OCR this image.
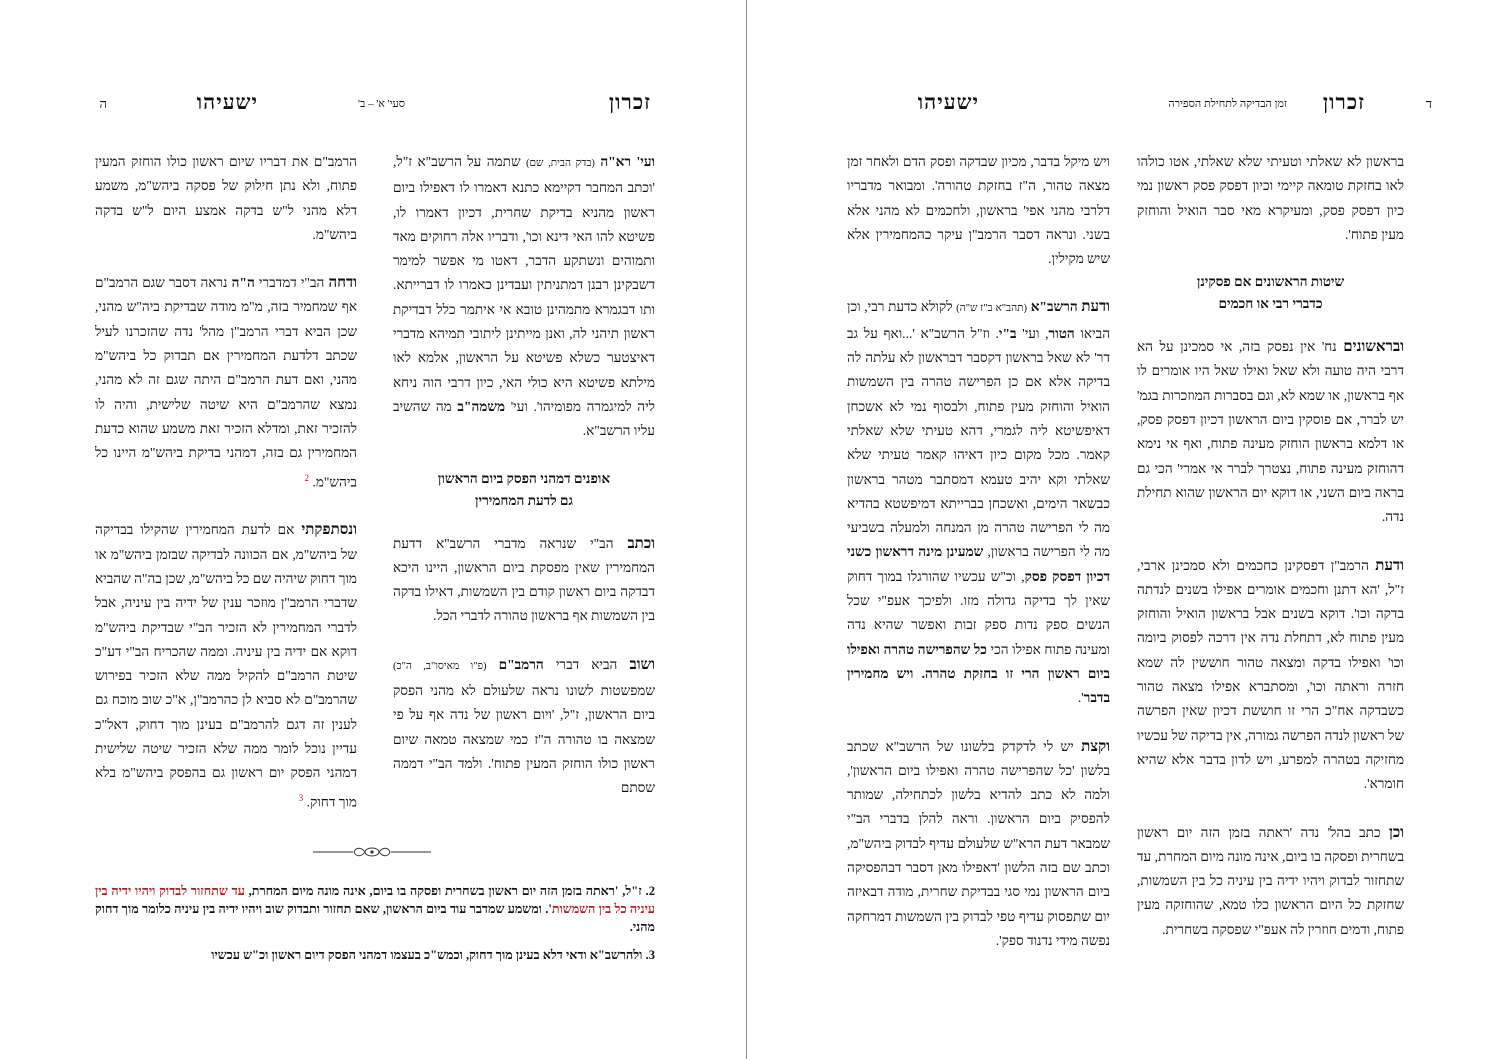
ה	ישעיהו	סעי' א' – ב'	זכרון

ועי' רא"ה (בדק הבית, שם) שתמה על הרשב"א ז"ל, 'וכתב המחבר דקיימא כתנא דאמרו לו דאפילו ביום ראשון מהניא בדיקת שחרית, דכיון דאמרו לו, פשיטא להו האי דינא וכו', ודבריו אלה רחוקים מאד ותמוהים ונשתקע הדבר, דאטו מי אפשר למימר דשבקינן רבנן דמתניתין ועבדינן כאמרו לו דברייתא. ותו דבגמרא מתמהינן טובא אי איתמר כלל דבדיקת ראשון תיהני לה, ואנן מייתינן ליתובי תמיהא מדברי דאיצטער כשלא פשיטא על הראשון, אלמא לאו מילתא פשיטא היא כולי האי, כיון דרבי הוה ניחא ליה למיגמרה מפומיהו'. ועי' משמה"ב מה שהשיב עליו הרשב"א.

אופנים דמהני הפסק ביום הראשון
גם לדעת המחמירין

וכתב הב"י שנראה מדברי הרשב"א דדעת המחמירין שאין מפסקת ביום הראשון, היינו היכא דבדקה ביום ראשון קודם בין השמשות, דאילו בדקה בין השמשות אף בראשון טהורה לדברי הכל.

ושוב הביא דברי הרמב"ם (פ"ו מאיסו"ב, ה"כ) שמפשטות לשונו נראה שלעולם לא מהני הפסק ביום הראשון, ז"ל, 'ויום ראשון של נדה אף על פי שמצאה בו טהורה ה"ז כמי שמצאה טמאה שיום ראשון כולו הוחזק המעין פתוח'. ולמד הב"י דממה שסתם

הרמב"ם את דבריו שיום ראשון כולו הוחזק המעין פתוח, ולא נתן חילוק של פסקה ביהש"מ, משמע דלא מהני ל"ש בדקה אמצע היום ל"ש בדקה ביהש"מ.

ודחה הב"י דמדברי ה"ה נראה דסבר שגם הרמב"ם אף שמחמיר בזה, מ"מ מודה שבדיקת ביה"ש מהני, שכן הביא דברי הרמב"ן מהל' נדה שהזכרנו לעיל שכתב דלדעת המחמירין אם תבדוק כל ביהש"מ מהני, ואם דעת הרמב"ם היתה שגם זה לא מהני, נמצא שהרמב"ם היא שיטה שלישית, והיה לו להזכיר זאת, ומדלא הזכיר זאת משמע שהוא כדעת המחמירין גם בזה, דמהני בדיקת ביהש"מ היינו כל ביהש"מ. $^2$

ונסתפקתי אם לדעת המחמירין שהקילו בבדיקה של ביהש"מ, אם הכוונה לבדיקה שבזמן ביהש"מ או מוך דחוק שיהיה שם כל ביהש"מ, שכן בה"ה שהביא שדברי הרמב"ן מוזכר ענין של ידיה בין עיניה, אבל לדברי המחמירין לא הזכיר הב"י שבדיקת ביהש"מ דוקא אם ידיה בין עיניה. וממה שהכריח הב"י דע"כ שיטת הרמב"ם להקיל ממה שלא הזכיר בפירוש שהרמב"ם לא סביא לן כהרמב"ן, א"כ שוב מוכח גם לענין זה דגם להרמב"ם בעינן מוך דחוק, דאל"כ עדיין נוכל לומר ממה שלא הזכיר שיטה שלישית דמהני הפסק יום ראשון גם בהפסק ביהש"מ בלא מוך דחוק. $^3$

2. ז"ל, 'ראתה בזמן הזה יום ראשון בשחרית ופסקה בו ביום, אינה מונה מיום המחרת, עד שתחזור לבדוק ויהיו ידיה בין עיניה כל בין השמשות'. ומשמע שמדבר עוד ביום הראשון, שאם תחזור ותבדוק שוב ויהיו ידיה בין עיניה כלומר מוך דחוק מהני.

3. ולהרשב"א ודאי דלא בעינן מוך דחוק, וכמש"כ בעצמו דמהני הפסק דיום ראשון וכ"ש עכשיו

ד
זכרון
זמן הבדיקה לתחילת הספירה
ישעיהו

בראשון לא שאלתי וטעיתי שלא שאלתי, אטו כולהו לאו בחזקת טומאה קיימי וכיון דפסק פסק ראשון נמי כיון דפסק פסק, ומעיקרא מאי סבר הואיל והוחזק מעין פתוח'.

שיטות הראשונים אם פסקינן
כדברי רבי או חכמים

ובראשונים נח' אין נפסק בזה, אי סמכינן על הא דרבי היה טועה ולא שאל ואילו שאל היו אומרים לו אף בראשון, או שמא לא, וגם בסברות המוזכרות בגמ' יש לברר, אם פוסקין ביום הראשון דכיון דפסק פסק, או דלמא בראשון הוחזק מעינה פתוח, ואף אי נימא דהוחזק מעינה פתוח, נצטרך לברר אי אמרי' הכי גם בראה ביום השני, או דוקא יום הראשון שהוא תחילת נדה.

ודעת הרמב"ן דפסקינן כחכמים ולא סמכינן ארבי, ז"ל, 'הא דתנן וחכמים אומרים אפילו בשנים לנדתה בדקה וכו'. דוקא בשנים אבל בראשון הואיל והוחזק מעין פתוח לא, דתחלת נדה אין דרכה לפסוק ביומה וכו' ואפילו בדקה ומצאה טהור חוששין לה שמא חזרה וראתה וכו', ומסתברא אפילו מצאה טהור כשבדקה אח"כ הרי זו חוששת דכיון שאין הפרשה של ראשון לנדה הפרשה גמורה, אין בדיקה של עכשיו מחזיקה בטהרה למפרע, ויש לדון בדבר אלא שהיא חומרא'.

וכן כתב בהל' נדה 'ראתה בזמן הזה יום ראשון בשחרית ופסקה בו ביום, אינה מונה מיום המחרת, עד שתחזור לבדוק ויהיו ידיה בין עיניה כל בין השמשות, שחזקת כל היום הראשון כלו טמא, שהוחזקה מעין פתוח, ודמים חוזרין לה אעפ"י שפסקה בשחרית.

ויש מיקל בדבר, מכיון שבדקה ופסק הדם ולאחר זמן מצאה טהור, ה"ז בחזקת טהורה'. ומבואר מדבריו דלרבי מהני אפי' בראשון, ולחכמים לא מהני אלא בשני. ונראה דסבר הרמב"ן עיקר כהמחמירין אלא שיש מקילין.

ודעת הרשב"א (תהב"א ב"ז ש"ה) לקולא כדעת רבי, וכן הביאו הטור, ועי' ב"י. וז"ל הרשב"א '...ואף על גב דר' לא שאל בראשון דקסבר דבראשון לא עלתה לה בדיקה אלא אם כן הפרישה טהרה בין השמשות הואיל והוחזק מעין פתוח, ולבסוף נמי לא אשכחן דאיפשיטא ליה לגמרי, דהא טעיתי שלא שאלתי קאמר. מכל מקום כיון דאיהו קאמר טעיתי שלא שאלתי וקא יהיב טעמא דמסתבר מטהר בראשון כבשאר הימים, ואשכחן בברייתא דמיפשטא בהדיא מה לי הפרישה טהרה מן המנחה ולמעלה בשביעי מה לי הפרישה בראשון, שמעינן מינה דראשון כשני דכיון דפסק פסק, וכ"ש עכשיו שהורגלו במוך דחוק שאין לך בדיקה גדולה מזו. ולפיכך אעפ"י שכל הנשים ספק נדות ספק זבות ואפשר שהיא נדה ומעינה פתוח אפילו הכי כל שהפרישה טהרה ואפילו ביום ראשון הרי זו בחזקת טהרה. ויש מחמירין בדבר'.

וקצת יש לי לדקדק בלשונו של הרשב"א שכתב בלשון 'כל שהפרישה טהרה ואפילו ביום הראשון', ולמה לא כתב להדיא בלשון לכתחילה, שמותר להפסיק ביום הראשון. וראה להלן בדברי הב"י שמבאר דעת הרא"ש שלעולם עדיף לבדוק ביהש"מ, וכתב שם בזה הלשון 'דאפילו מאן דסבר דבהפסיקה ביום הראשון נמי סגי בבדיקת שחרית, מודה דבאיזה יום שתפסוק עדיף טפי לבדוק בין השמשות דמרחקה נפשה מידי נדנוד ספק'.
